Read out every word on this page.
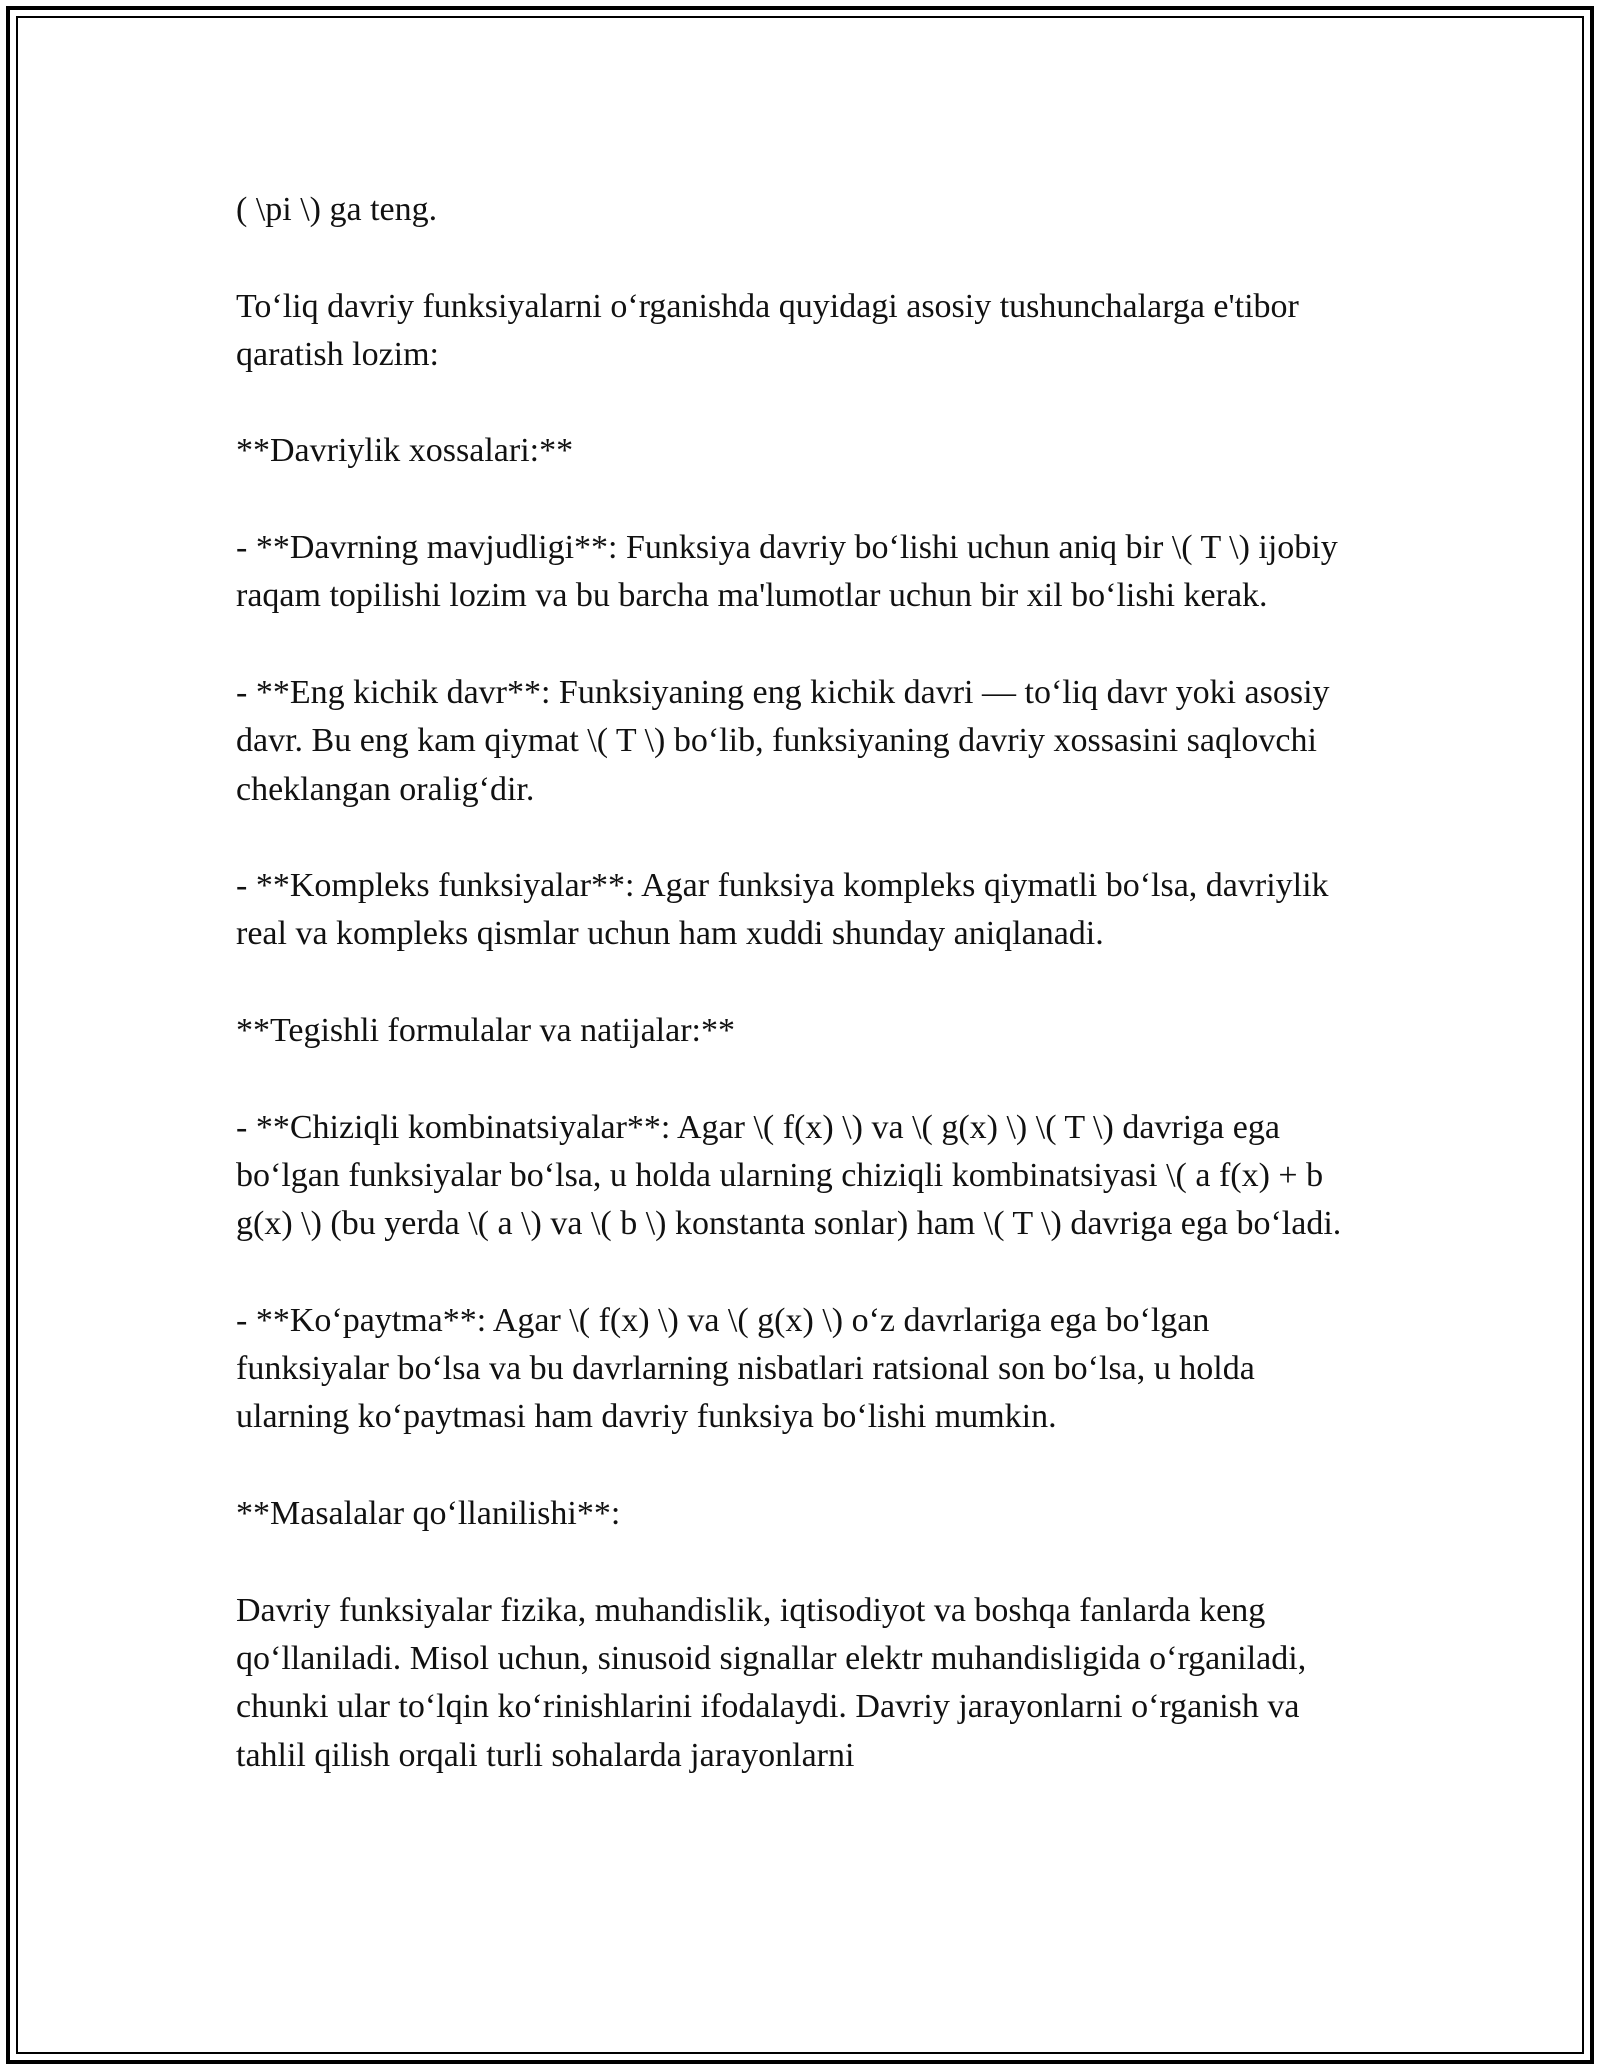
( \pi \) ga teng.

To‘liq davriy funksiyalarni o‘rganishda quyidagi asosiy tushunchalarga e'tibor qaratish lozim:

**Davriylik xossalari:**

- **Davrning mavjudligi**: Funksiya davriy bo‘lishi uchun aniq bir \( T \) ijobiy raqam topilishi lozim va bu barcha ma'lumotlar uchun bir xil bo‘lishi kerak.

- **Eng kichik davr**: Funksiyaning eng kichik davri — to‘liq davr yoki asosiy davr. Bu eng kam qiymat \( T \) bo‘lib, funksiyaning davriy xossasini saqlovchi cheklangan oralig‘dir.

- **Kompleks funksiyalar**: Agar funksiya kompleks qiymatli bo‘lsa, davriylik real va kompleks qismlar uchun ham xuddi shunday aniqlanadi.

**Tegishli formulalar va natijalar:**

- **Chiziqli kombinatsiyalar**: Agar \( f(x) \) va \( g(x) \) \( T \) davriga ega bo‘lgan funksiyalar bo‘lsa, u holda ularning chiziqli kombinatsiyasi \( a f(x) + b g(x) \) (bu yerda \( a \) va \( b \) konstanta sonlar) ham \( T \) davriga ega bo‘ladi.

- **Ko‘paytma**: Agar \( f(x) \) va \( g(x) \) o‘z davrlariga ega bo‘lgan funksiyalar bo‘lsa va bu davrlarning nisbatlari ratsional son bo‘lsa, u holda ularning ko‘paytmasi ham davriy funksiya bo‘lishi mumkin.

**Masalalar qo‘llanilishi**:

Davriy funksiyalar fizika, muhandislik, iqtisodiyot va boshqa fanlarda keng qo‘llaniladi. Misol uchun, sinusoid signallar elektr muhandisligida o‘rganiladi, chunki ular to‘lqin ko‘rinishlarini ifodalaydi. Davriy jarayonlarni o‘rganish va tahlil qilish orqali turli sohalarda jarayonlarni
